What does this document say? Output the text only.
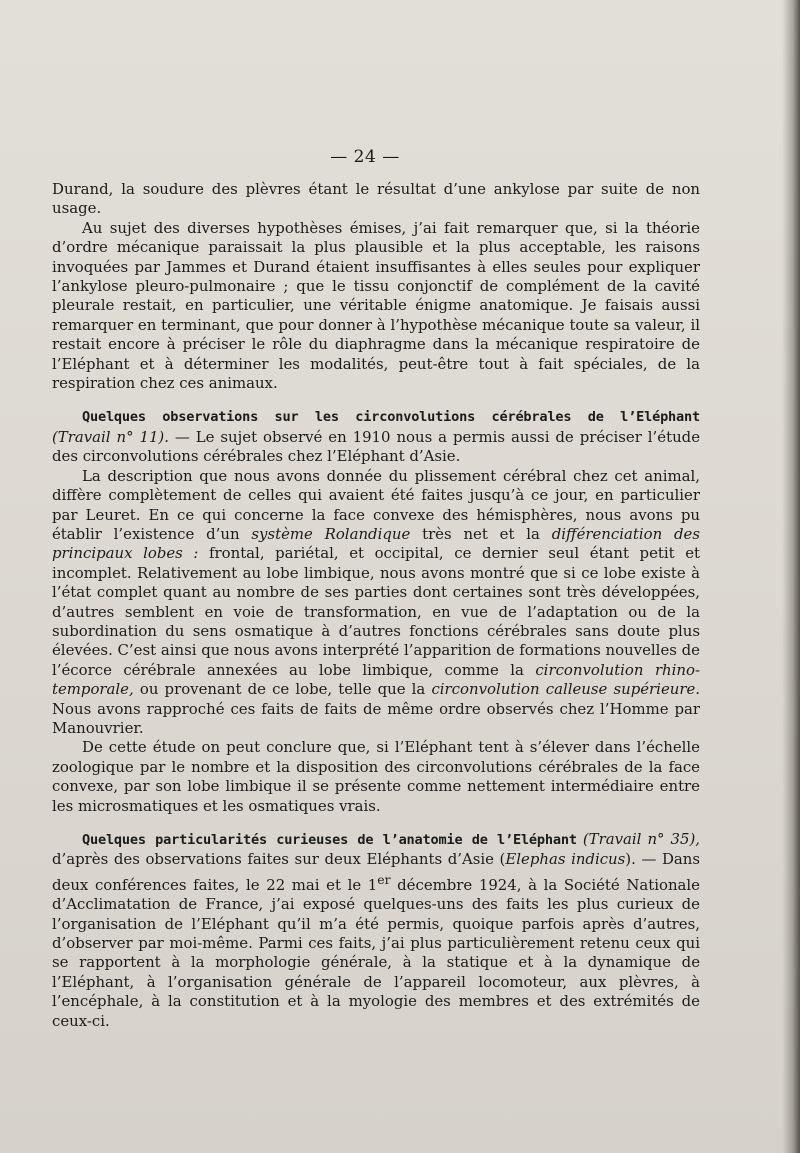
— 24 —

Durand, la soudure des plèvres étant le résultat d’une ankylose par suite de non usage.

Au sujet des diverses hypothèses émises, j’ai fait remarquer que, si la théorie d’ordre mécanique paraissait la plus plausible et la plus acceptable, les raisons invoquées par Jammes et Durand étaient insuffisantes à elles seules pour expliquer l’ankylose pleuro-pulmonaire ; que le tissu conjonctif de complément de la cavité pleurale restait, en particulier, une véritable énigme anatomique. Je faisais aussi remarquer en terminant, que pour donner à l’hypothèse mécanique toute sa valeur, il restait encore à préciser le rôle du diaphragme dans la mécanique respiratoire de l’Eléphant et à déterminer les modalités, peut-être tout à fait spéciales, de la respiration chez ces animaux.

Quelques observations sur les circonvolutions cérébrales de l’Eléphant (Travail n° 11). — Le sujet observé en 1910 nous a permis aussi de préciser l’étude des circonvolutions cérébrales chez l’Eléphant d’Asie.

La description que nous avons donnée du plissement cérébral chez cet animal, diffère complètement de celles qui avaient été faites jusqu’à ce jour, en particulier par Leuret. En ce qui concerne la face convexe des hémisphères, nous avons pu établir l’existence d’un système Rolandique très net et la différenciation des principaux lobes : frontal, pariétal, et occipital, ce dernier seul étant petit et incomplet. Relativement au lobe limbique, nous avons montré que si ce lobe existe à l’état complet quant au nombre de ses parties dont certaines sont très développées, d’autres semblent en voie de transformation, en vue de l’adaptation ou de la subordination du sens osmatique à d’autres fonctions cérébrales sans doute plus élevées. C’est ainsi que nous avons interprété l’apparition de formations nouvelles de l’écorce cérébrale annexées au lobe limbique, comme la circonvolution rhino-temporale, ou provenant de ce lobe, telle que la circonvolution calleuse supérieure. Nous avons rapproché ces faits de faits de même ordre observés chez l’Homme par Manouvrier.

De cette étude on peut conclure que, si l’Eléphant tent à s’élever dans l’échelle zoologique par le nombre et la disposition des circonvolutions cérébrales de la face convexe, par son lobe limbique il se présente comme nettement intermédiaire entre les microsmatiques et les osmatiques vrais.

Quelques particularités curieuses de l’anatomie de l’Eléphant (Travail n° 35), d’après des observations faites sur deux Eléphants d’Asie (Elephas indicus). — Dans deux conférences faites, le 22 mai et le 1er décembre 1924, à la Société Nationale d’Acclimatation de France, j’ai exposé quelques-uns des faits les plus curieux de l’organisation de l’Eléphant qu’il m’a été permis, quoique parfois après d’autres, d’observer par moi-même. Parmi ces faits, j’ai plus particulièrement retenu ceux qui se rapportent à la morphologie générale, à la statique et à la dynamique de l’Eléphant, à l’organisation générale de l’appareil locomoteur, aux plèvres, à l’encéphale, à la constitution et à la myologie des membres et des extrémités de ceux-ci.
